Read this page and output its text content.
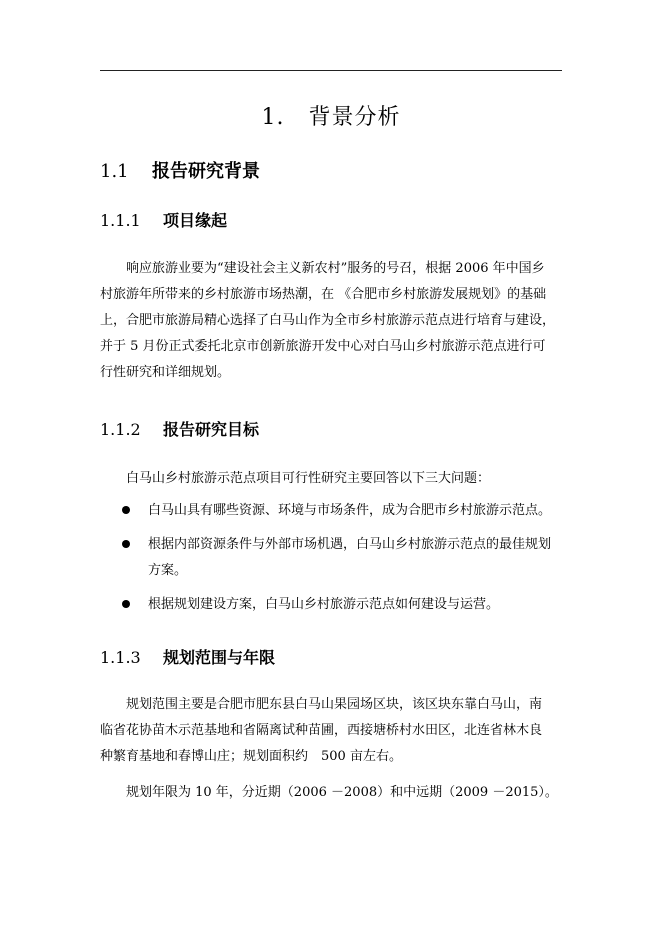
1. 背景分析
1.1 报告研究背景
1.1.1 项目缘起
响应旅游业要为“建设社会主义新农村”服务的号召，根据 2006 年中国乡
村旅游年所带来的乡村旅游市场热潮，在 《合肥市乡村旅游发展规划》的基础
上，合肥市旅游局精心选择了白马山作为全市乡村旅游示范点进行培育与建设，
并于 5 月份正式委托北京市创新旅游开发中心对白马山乡村旅游示范点进行可
行性研究和详细规划。
1.1.2 报告研究目标
白马山乡村旅游示范点项目可行性研究主要回答以下三大问题：
白马山具有哪些资源、环境与市场条件，成为合肥市乡村旅游示范点。
根据内部资源条件与外部市场机遇，白马山乡村旅游示范点的最佳规划
方案。
根据规划建设方案，白马山乡村旅游示范点如何建设与运营。
1.1.3 规划范围与年限
规划范围主要是合肥市肥东县白马山果园场区块，该区块东靠白马山，南
临省花协苗木示范基地和省隔离试种苗圃，西接塘桥村水田区，北连省林木良
种繁育基地和春博山庄；规划面积约　500 亩左右。
规划年限为 10 年，分近期（2006 －2008）和中远期（2009 －2015）。
